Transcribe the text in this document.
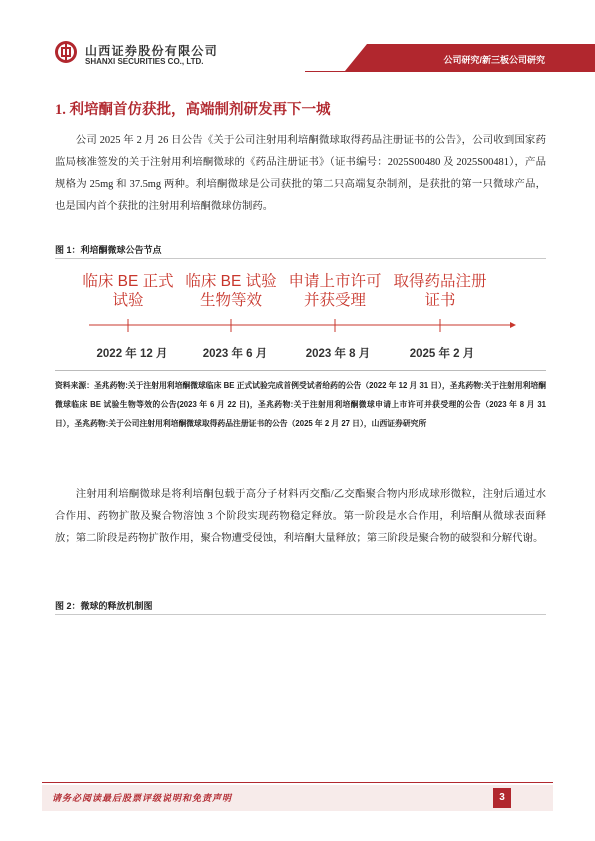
山西证券股份有限公司
SHANXI SECURITIES CO., LTD.	公司研究/新三板公司研究
1. 利培酮首仿获批，高端制剂研发再下一城

公司 2025 年 2 月 26 日公告《关于公司注射用利培酮微球取得药品注册证书的公告》，公司收到国家药监局核准签发的关于注射用利培酮微球的《药品注册证书》（证书编号：2025S00480 及 2025S00481），产品规格为 25mg 和 37.5mg 两种。利培酮微球是公司获批的第二只高端复杂制剂，是获批的第一只微球产品，也是国内首个获批的注射用利培酮微球仿制药。

图 1：利培酮微球公告节点
临床 BE 正式
试验
临床 BE 试验
生物等效
申请上市许可
并获受理
取得药品注册
证书
2022 年 12 月	2023 年 6 月	2023 年 8 月	2025 年 2 月

资料来源：圣兆药物:关于注射用利培酮微球临床 BE 正式试验完成首例受试者给药的公告（2022 年 12 月 31 日），圣兆药物:关于注射用利培酮微球临床 BE 试验生物等效的公告(2023 年 6 月 22 日)，圣兆药物:关于注射用利培酮微球申请上市许可并获受理的公告（2023 年 8 月 31 日），圣兆药物:关于公司注射用利培酮微球取得药品注册证书的公告（2025 年 2 月 27 日），山西证券研究所

注射用利培酮微球是将利培酮包载于高分子材料丙交酯/乙交酯聚合物内形成球形微粒，注射后通过水合作用、药物扩散及聚合物溶蚀 3 个阶段实现药物稳定释放。第一阶段是水合作用，利培酮从微球表面释放；第二阶段是药物扩散作用，聚合物遭受侵蚀，利培酮大量释放；第三阶段是聚合物的破裂和分解代谢。

图 2：微球的释放机制图
请务必阅读最后股票评级说明和免责声明	3
